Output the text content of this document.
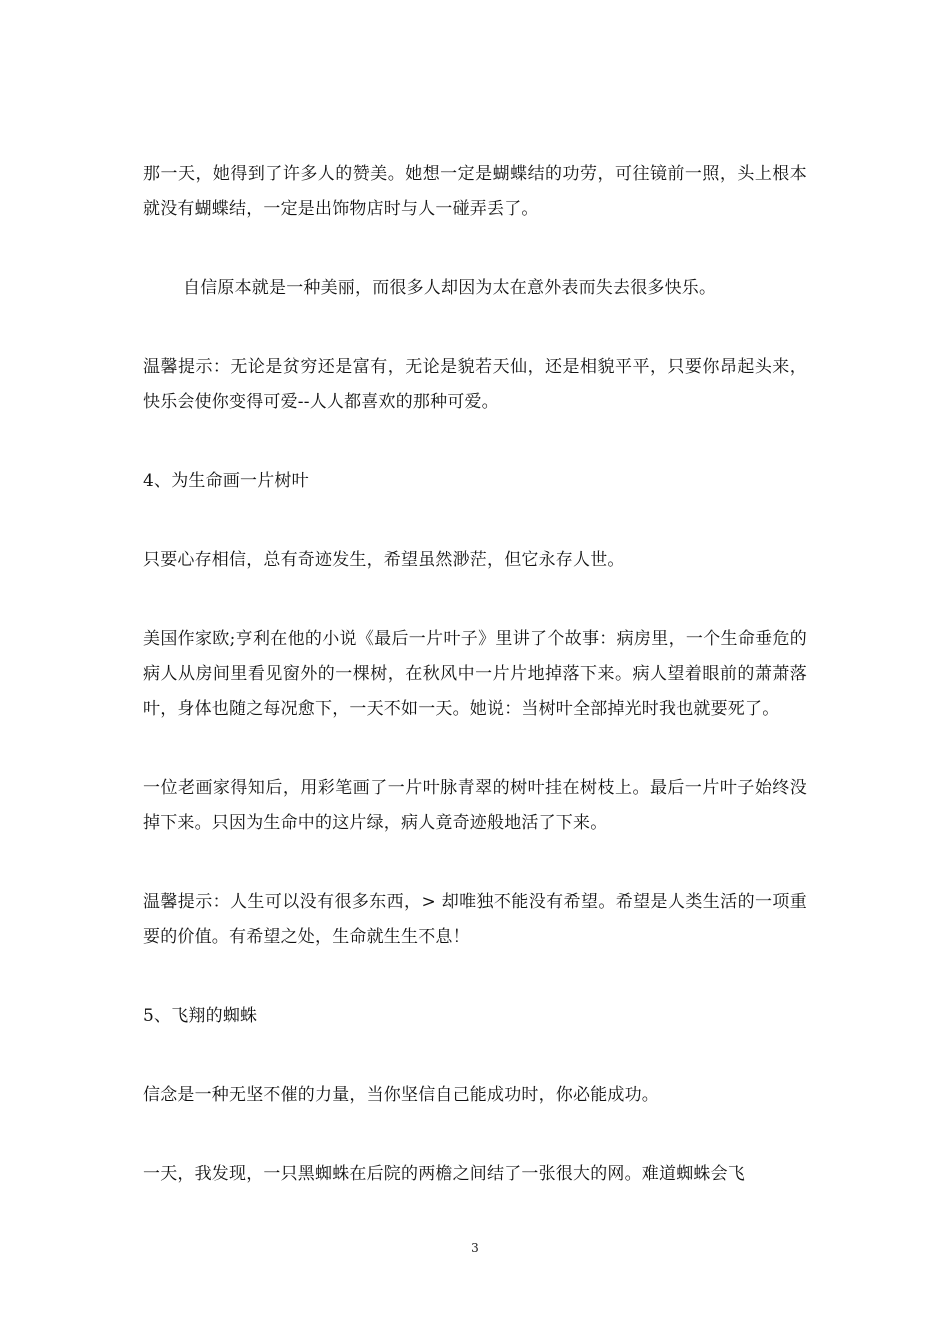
那一天，她得到了许多人的赞美。她想一定是蝴蝶结的功劳，可往镜前一照，头上根本就没有蝴蝶结，一定是出饰物店时与人一碰弄丢了。

自信原本就是一种美丽，而很多人却因为太在意外表而失去很多快乐。

温馨提示：无论是贫穷还是富有，无论是貌若天仙，还是相貌平平，只要你昂起头来，快乐会使你变得可爱--人人都喜欢的那种可爱。

4、为生命画一片树叶

只要心存相信，总有奇迹发生，希望虽然渺茫，但它永存人世。

美国作家欧;亨利在他的小说《最后一片叶子》里讲了个故事：病房里，一个生命垂危的病人从房间里看见窗外的一棵树，在秋风中一片片地掉落下来。病人望着眼前的萧萧落叶，身体也随之每况愈下，一天不如一天。她说：当树叶全部掉光时我也就要死了。

一位老画家得知后，用彩笔画了一片叶脉青翠的树叶挂在树枝上。最后一片叶子始终没掉下来。只因为生命中的这片绿，病人竟奇迹般地活了下来。

温馨提示：人生可以没有很多东西，> 却唯独不能没有希望。希望是人类生活的一项重要的价值。有希望之处，生命就生生不息！

5、飞翔的蜘蛛

信念是一种无坚不催的力量，当你坚信自己能成功时，你必能成功。

一天，我发现，一只黑蜘蛛在后院的两檐之间结了一张很大的网。难道蜘蛛会飞

3
